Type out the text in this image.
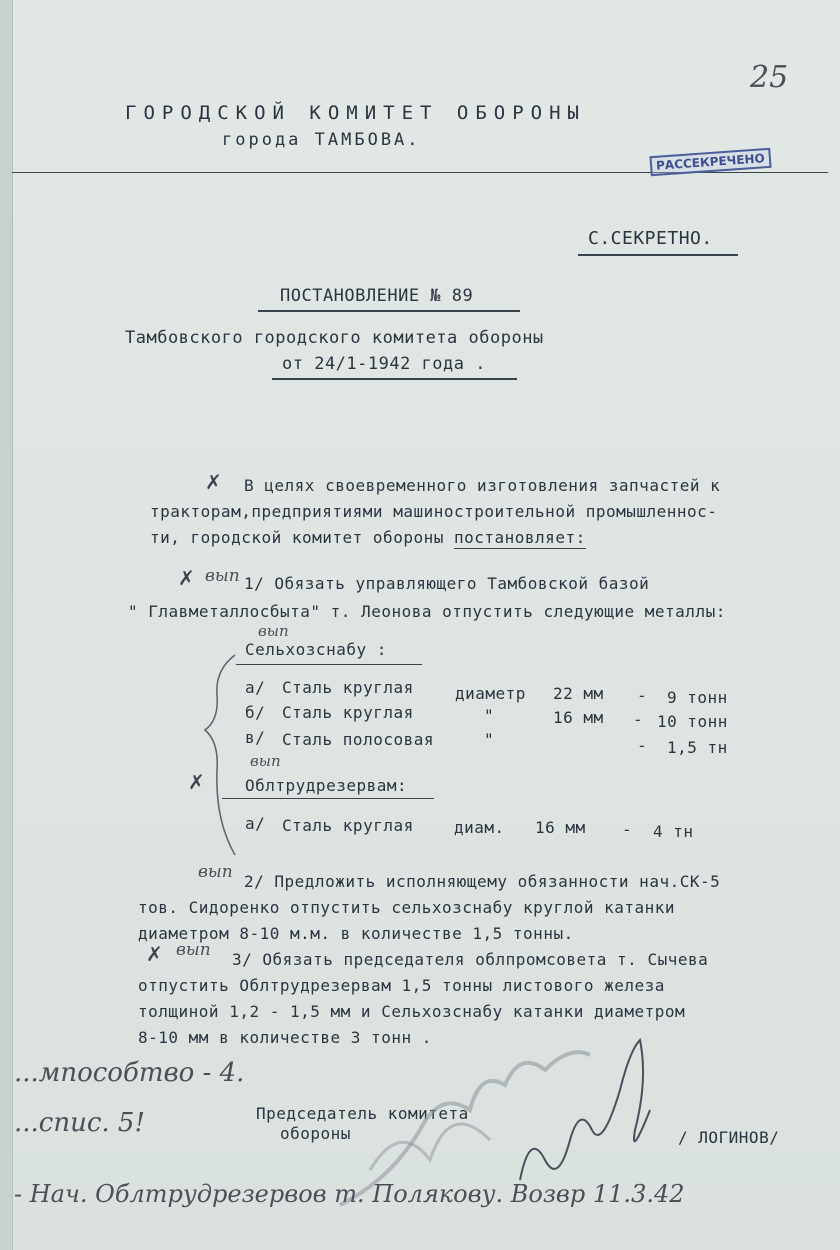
25
ГОРОДСКОЙ КОМИТЕТ ОБОРОНЫ
города ТАМБОВА.
РАССЕКРЕЧЕНО
С.СЕКРЕТНО.
ПОСТАНОВЛЕНИЕ № 89
Тамбовского городского комитета обороны
от 24/1-1942 года .
✗ В целях своевременного изготовления запчастей к
тракторам,предприятиями машиностроительной промышленнос-
ти, городской комитет обороны постановляет:
✗ вып 1/ Обязать управляющего Тамбовской базой
" Главметаллосбыта" т. Леонова отпустить следующие металлы:
вып
Сельхозснабу :
а/ Сталь круглая	диаметр 22 мм - 9 тонн
б/ Сталь круглая	"	16 мм - 10 тонн
в/ Сталь полосовая	"	- 1,5 тн
✗
вып
Облтрудрезервам:
а/ Сталь круглая	диам. 16 мм - 4 тн
вып 2/ Предложить исполняющему обязанности нач.СК-5
тов. Сидоренко отпустить сельхозснабу круглой катанки
диаметром 8-10 м.м. в количестве 1,5 тонны.
✗ вып 3/ Обязать председателя облпромсовета т. Сычева
отпустить Облтрудрезервам 1,5 тонны листового железа
толщиной 1,2 - 1,5 мм и Сельхозснабу катанки диаметром
8-10 мм в количестве 3 тонн .
...мпособтво - 4.
...спис. 5!	Председатель комитета
обороны	/ ЛОГИНОВ/
- Нач. Облтрудрезервов т. Полякову. Возвр 11.3.42
